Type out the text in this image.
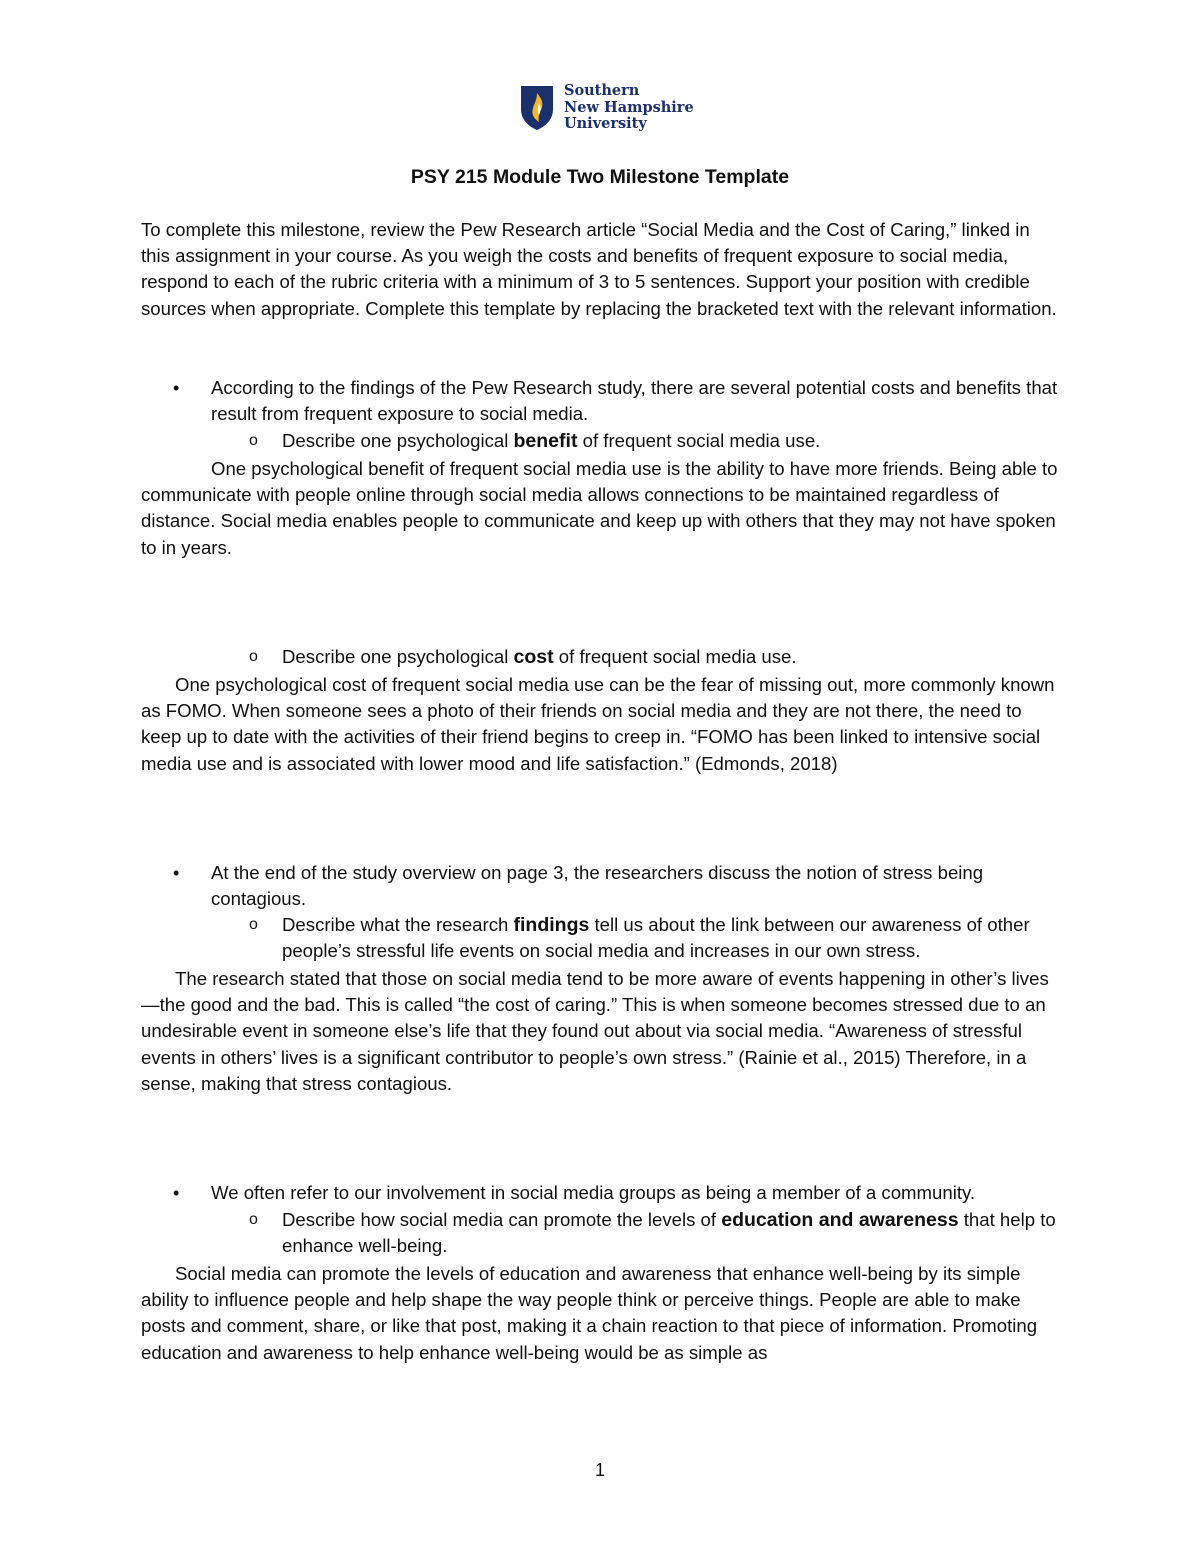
Southern
New Hampshire
University
PSY 215 Module Two Milestone Template

To complete this milestone, review the Pew Research article “Social Media and the Cost of Caring,” linked in this assignment in your course. As you weigh the costs and benefits of frequent exposure to social media, respond to each of the rubric criteria with a minimum of 3 to 5 sentences. Support your position with credible sources when appropriate. Complete this template by replacing the bracketed text with the relevant information.

• According to the findings of the Pew Research study, there are several potential costs and benefits that result from frequent exposure to social media.
o Describe one psychological benefit of frequent social media use.

One psychological benefit of frequent social media use is the ability to have more friends. Being able to communicate with people online through social media allows connections to be maintained regardless of distance. Social media enables people to communicate and keep up with others that they may not have spoken to in years.

o Describe one psychological cost of frequent social media use.

One psychological cost of frequent social media use can be the fear of missing out, more commonly known as FOMO. When someone sees a photo of their friends on social media and they are not there, the need to keep up to date with the activities of their friend begins to creep in. “FOMO has been linked to intensive social media use and is associated with lower mood and life satisfaction.” (Edmonds, 2018)

• At the end of the study overview on page 3, the researchers discuss the notion of stress being contagious.
o Describe what the research findings tell us about the link between our awareness of other people’s stressful life events on social media and increases in our own stress.

The research stated that those on social media tend to be more aware of events happening in other’s lives—the good and the bad. This is called “the cost of caring.” This is when someone becomes stressed due to an undesirable event in someone else’s life that they found out about via social media. “Awareness of stressful events in others’ lives is a significant contributor to people’s own stress.” (Rainie et al., 2015) Therefore, in a sense, making that stress contagious.

• We often refer to our involvement in social media groups as being a member of a community.
o Describe how social media can promote the levels of education and awareness that help to enhance well-being.

Social media can promote the levels of education and awareness that enhance well-being by its simple ability to influence people and help shape the way people think or perceive things. People are able to make posts and comment, share, or like that post, making it a chain reaction to that piece of information. Promoting education and awareness to help enhance well-being would be as simple as

1
